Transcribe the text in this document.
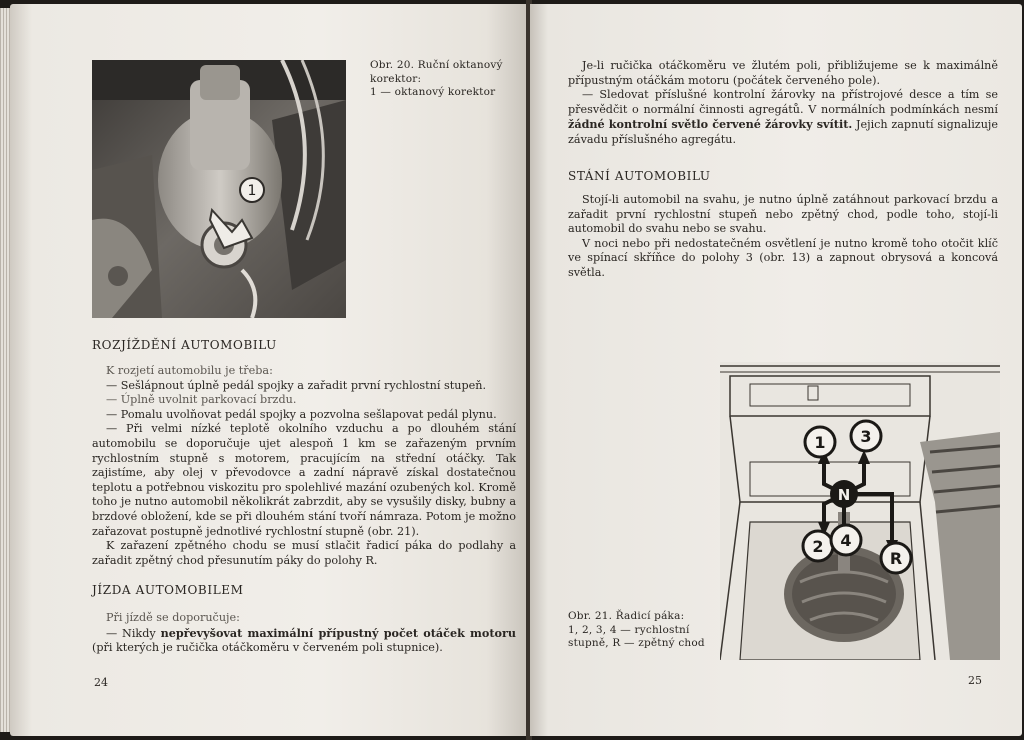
1
Obr. 20. Ruční oktanový
korektor:
1 — oktanový korektor
ROZJÍŽDĚNÍ AUTOMOBILU

K rozjetí automobilu je třeba:

— Sešlápnout úplně pedál spojky a zařadit první rychlostní stupeň.

— Úplně uvolnit parkovací brzdu.

— Pomalu uvolňovat pedál spojky a pozvolna sešlapovat pedál plynu.

— Při velmi nízké teplotě okolního vzduchu a po dlouhém stání automobilu se doporučuje ujet alespoň 1 km se zařazeným prvním rychlostním stupně s motorem, pracujícím na střední otáčky. Tak zajistíme, aby olej v převodovce a zadní nápravě získal dostatečnou teplotu a potřebnou viskozitu pro spolehlivé mazání ozubených kol. Kromě toho je nutno automobil několikrát zabrzdit, aby se vysušily disky, bubny a brzdové obložení, kde se při dlouhém stání tvoří námraza. Potom je možno zařazovat postupně jednotlivé rychlostní stupně (obr. 21).

K zařazení zpětného chodu se musí stlačit řadicí páka do podlahy a zařadit zpětný chod přesunutím páky do polohy R.

JÍZDA AUTOMOBILEM

Při jízdě se doporučuje:

— Nikdy nepřevyšovat maximální přípustný počet otáček motoru (při kterých je ručička otáčkoměru v červeném poli stupnice).

24

Je-li ručička otáčkoměru ve žlutém poli, přibližujeme se k maximálně přípustným otáčkám motoru (počátek červeného pole).

— Sledovat příslušné kontrolní žárovky na přístrojové desce a tím se přesvědčit o normální činnosti agregátů. V normálních podmínkách nesmí žádné kontrolní světlo červené žárovky svítit. Jejich zapnutí signalizuje závadu příslušného agregátu.

STÁNÍ AUTOMOBILU

Stojí-li automobil na svahu, je nutno úplně zatáhnout parkovací brzdu a zařadit první rychlostní stupeň nebo zpětný chod, podle toho, stojí-li automobil do svahu nebo se svahu.

V noci nebo při nedostatečném osvětlení je nutno kromě toho otočit klíč ve spínací skříňce do polohy 3 (obr. 13) a zapnout obrysová a koncová světla.

1 3
N
2 4
R
Obr. 21. Řadicí páka:
1, 2, 3, 4 — rychlostní
stupně, R — zpětný chod
25
